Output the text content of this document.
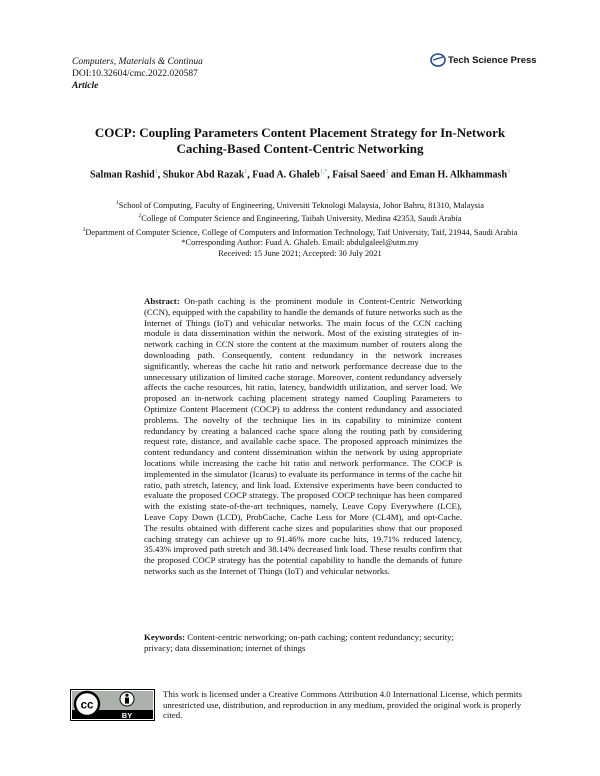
Computers, Materials & Continua
DOI:10.32604/cmc.2022.020587
Article
Tech Science Press
COCP: Coupling Parameters Content Placement Strategy for In-Network
Caching-Based Content-Centric Networking
Salman Rashid$^1$, Shukor Abd Razak$^1$, Fuad A. Ghaleb$^{1,*}$, Faisal Saeed$^2$ and Eman H. Alkhammash$^3$
$^1$School of Computing, Faculty of Engineering, Universiti Teknologi Malaysia, Johor Bahru, 81310, Malaysia
$^2$College of Computer Science and Engineering, Taibah University, Medina 42353, Saudi Arabia
$^3$Department of Computer Science, College of Computers and Information Technology, Taif University, Taif, 21944, Saudi Arabia
*Corresponding Author: Fuad A. Ghaleb. Email: abdulgaleel@utm.my
Received: 15 June 2021; Accepted: 30 July 2021
Abstract: On-path caching is the prominent module in Content-Centric Networking (CCN), equipped with the capability to handle the demands of future networks such as the Internet of Things (IoT) and vehicular networks. The main focus of the CCN caching module is data dissemination within the network. Most of the existing strategies of in-network caching in CCN store the content at the maximum number of routers along the downloading path. Consequently, content redundancy in the network increases significantly, whereas the cache hit ratio and network performance decrease due to the unnecessary utilization of limited cache storage. Moreover, content redundancy adversely affects the cache resources, hit ratio, latency, bandwidth utilization, and server load. We proposed an in-network caching placement strategy named Coupling Parameters to Optimize Content Placement (COCP) to address the content redundancy and associated problems. The novelty of the technique lies in its capability to minimize content redundancy by creating a balanced cache space along the routing path by considering request rate, distance, and available cache space. The proposed approach minimizes the content redundancy and content dissemination within the network by using appropriate locations while increasing the cache hit ratio and network performance. The COCP is implemented in the simulator (Icarus) to evaluate its performance in terms of the cache hit ratio, path stretch, latency, and link load. Extensive experiments have been conducted to evaluate the proposed COCP strategy. The proposed COCP technique has been compared with the existing state-of-the-art techniques, namely, Leave Copy Everywhere (LCE), Leave Copy Down (LCD), ProbCache, Cache Less for More (CL4M), and opt-Cache. The results obtained with different cache sizes and popularities show that our proposed caching strategy can achieve up to 91.46% more cache hits, 19.71% reduced latency, 35.43% improved path stretch and 38.14% decreased link load. These results confirm that the proposed COCP strategy has the potential capability to handle the demands of future networks such as the Internet of Things (IoT) and vehicular networks.
Keywords: Content-centric networking; on-path caching; content redundancy; security; privacy; data dissemination; internet of things
cc
BY
This work is licensed under a Creative Commons Attribution 4.0 International License, which permits unrestricted use, distribution, and reproduction in any medium, provided the original work is properly cited.
